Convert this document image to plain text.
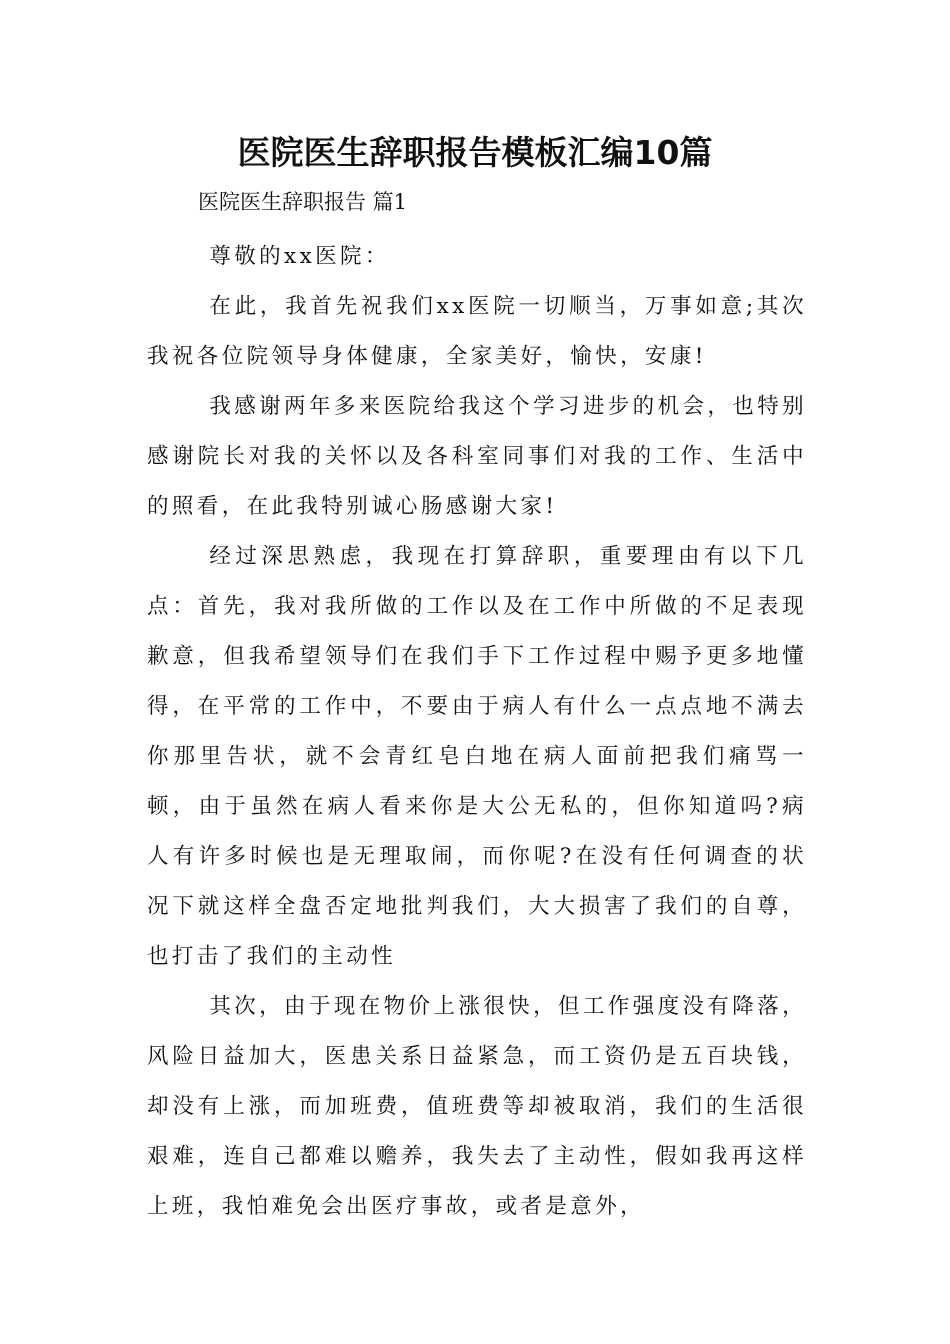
医院医生辞职报告模板汇编10篇
医院医生辞职报告 篇1

尊敬的xx医院：

在此，我首先祝我们xx医院一切顺当，万事如意;其次我祝各位院领导身体健康，全家美好，愉快，安康!

我感谢两年多来医院给我这个学习进步的机会，也特别感谢院长对我的关怀以及各科室同事们对我的工作、生活中的照看，在此我特别诚心肠感谢大家!

经过深思熟虑，我现在打算辞职，重要理由有以下几点：首先，我对我所做的工作以及在工作中所做的不足表现歉意，但我希望领导们在我们手下工作过程中赐予更多地懂得，在平常的工作中，不要由于病人有什么一点点地不满去你那里告状，就不会青红皂白地在病人面前把我们痛骂一顿，由于虽然在病人看来你是大公无私的，但你知道吗?病人有许多时候也是无理取闹，而你呢?在没有任何调查的状况下就这样全盘否定地批判我们，大大损害了我们的自尊，也打击了我们的主动性

其次，由于现在物价上涨很快，但工作强度没有降落，风险日益加大，医患关系日益紧急，而工资仍是五百块钱，却没有上涨，而加班费，值班费等却被取消，我们的生活很艰难，连自己都难以赡养，我失去了主动性，假如我再这样上班，我怕难免会出医疗事故，或者是意外，
